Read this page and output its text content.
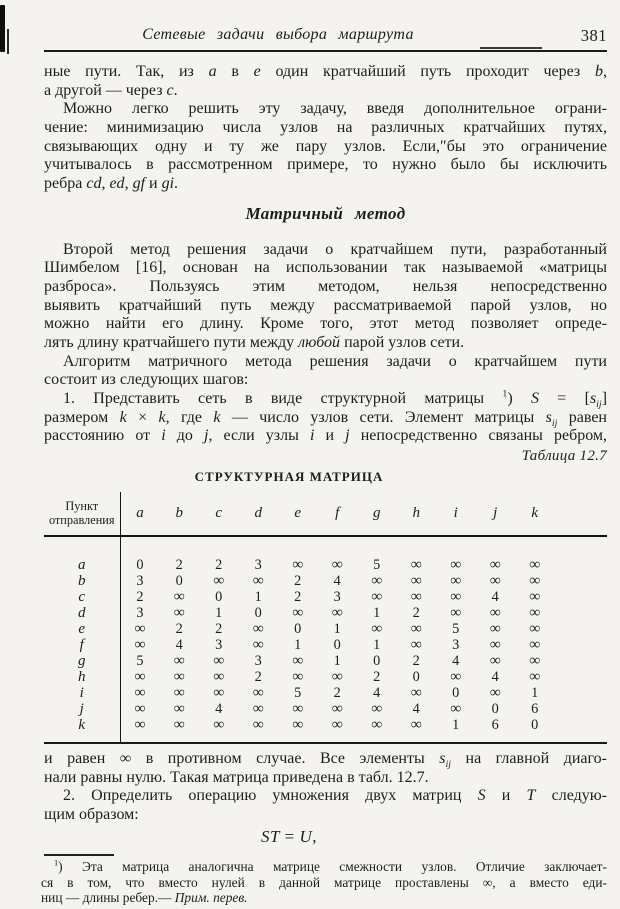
Сетевые задачи выбора маршрута	381
ные пути. Так, из a в e один кратчайший путь проходит через b,
а другой — через c.
Можно легко решить эту задачу, введя дополнительное ограни-
чение: минимизацию числа узлов на различных кратчайших путях,
связывающих одну и ту же пару узлов. Если,″бы это ограничение
учитывалось в рассмотренном примере, то нужно было бы исключить
ребра cd, ed, gf и gi.
Матричный метод
Второй метод решения задачи о кратчайшем пути, разработанный
Шимбелом [16], основан на использовании так называемой «матрицы
разброса». Пользуясь этим методом, нельзя непосредственно
выявить кратчайший путь между рассматриваемой парой узлов, но
можно найти его длину. Кроме того, этот метод позволяет опреде-
лять длину кратчайшего пути между любой парой узлов сети.
Алгоритм матричного метода решения задачи о кратчайшем пути
состоит из следующих шагов:
1. Представить сеть в виде структурной матрицы $^1$) $S = [s_{ij}]$
размером k × k, где k — число узлов сети. Элемент матрицы $s_{ij}$ равен
расстоянию от i до j, если узлы i и j непосредственно связаны ребром,
Таблица 12.7
СТРУКТУРНАЯ МАТРИЦА
Пункт
отправления	a	b	c	d	e	f	g	h	i	j	k	

a	0	2	2	3	∞	∞	5	∞	∞	∞	∞	
b	3	0	∞	∞	2	4	∞	∞	∞	∞	∞	
c	2	∞	0	1	2	3	∞	∞	∞	4	∞	
d	3	∞	1	0	∞	∞	1	2	∞	∞	∞	
e	∞	2	2	∞	0	1	∞	∞	5	∞	∞	
f	∞	4	3	∞	1	0	1	∞	3	∞	∞	
g	5	∞	∞	3	∞	1	0	2	4	∞	∞	
h	∞	∞	∞	2	∞	∞	2	0	∞	4	∞	
i	∞	∞	∞	∞	5	2	4	∞	0	∞	1	
j	∞	∞	4	∞	∞	∞	∞	4	∞	0	6	
k	∞	∞	∞	∞	∞	∞	∞	∞	1	6	0	

и равен ∞ в противном случае. Все элементы $s_{ij}$ на главной диаго-
нали равны нулю. Такая матрица приведена в табл. 12.7.
2. Определить операцию умножения двух матриц S и T следую-
щим образом:
ST = U,
$^1$) Эта матрица аналогична матрице смежности узлов. Отличие заключает-
ся в том, что вместо нулей в данной матрице проставлены ∞, а вместо еди-
ниц — длины ребер.— Прим. перев.
